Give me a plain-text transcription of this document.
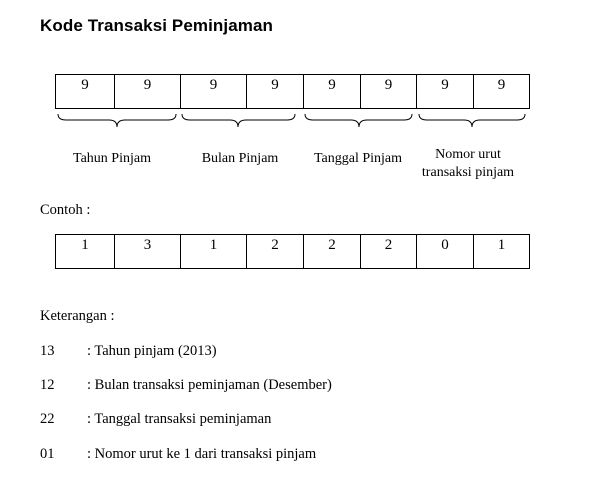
Kode Transaksi Peminjaman
9	9	9	9	9	9	9	9
Tahun Pinjam	Bulan Pinjam	Tanggal Pinjam	Nomor urut
transaksi pinjam
Contoh :
1	3	1	2	2	2	0	1
Keterangan :
13 : Tahun pinjam (2013)
12 : Bulan transaksi peminjaman (Desember)
22 : Tanggal transaksi peminjaman
01 : Nomor urut ke 1 dari transaksi pinjam
